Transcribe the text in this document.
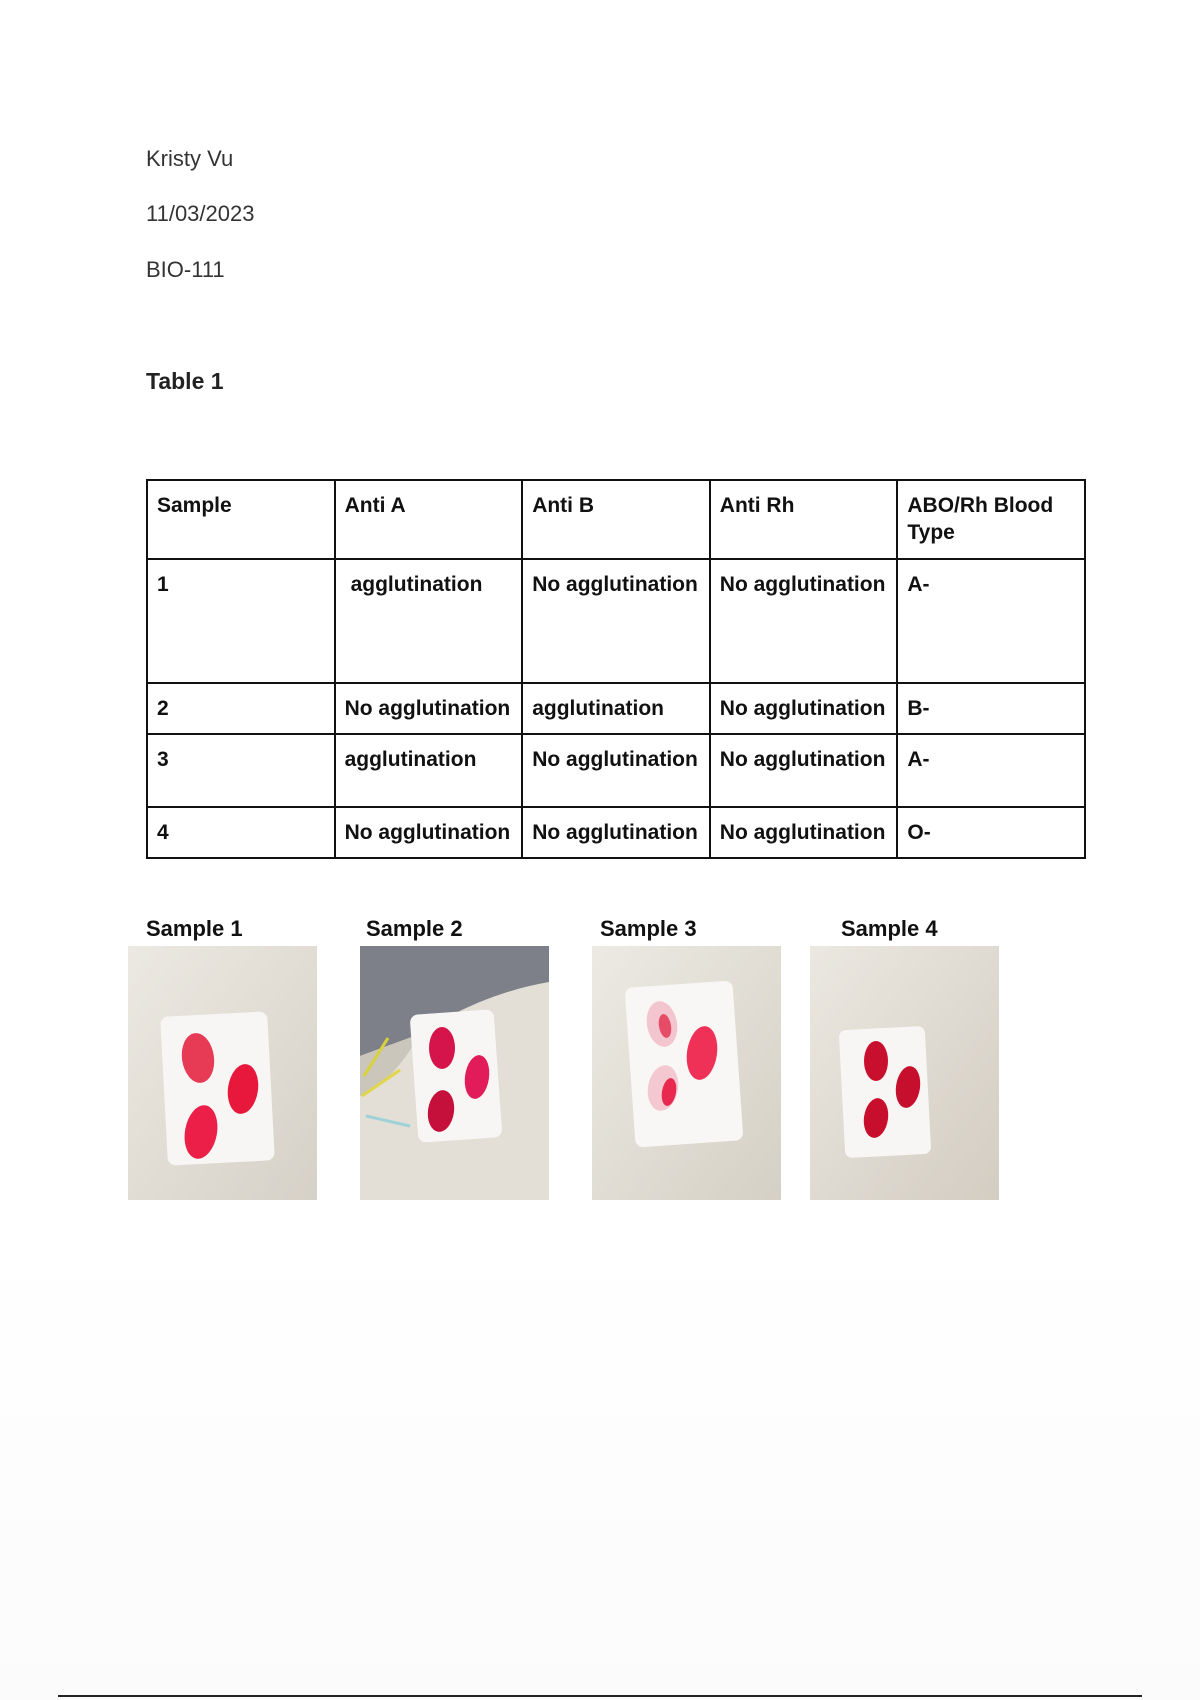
Kristy Vu
11/03/2023
BIO-111
Table 1
Sample	Anti A	Anti B	Anti Rh	ABO/Rh Blood Type
1	agglutination	No agglutination	No agglutination	A-
2	No agglutination	agglutination	No agglutination	B-
3	agglutination	No agglutination	No agglutination	A-
4	No agglutination	No agglutination	No agglutination	O-
Sample 1	Sample 2	Sample 3	Sample 4
